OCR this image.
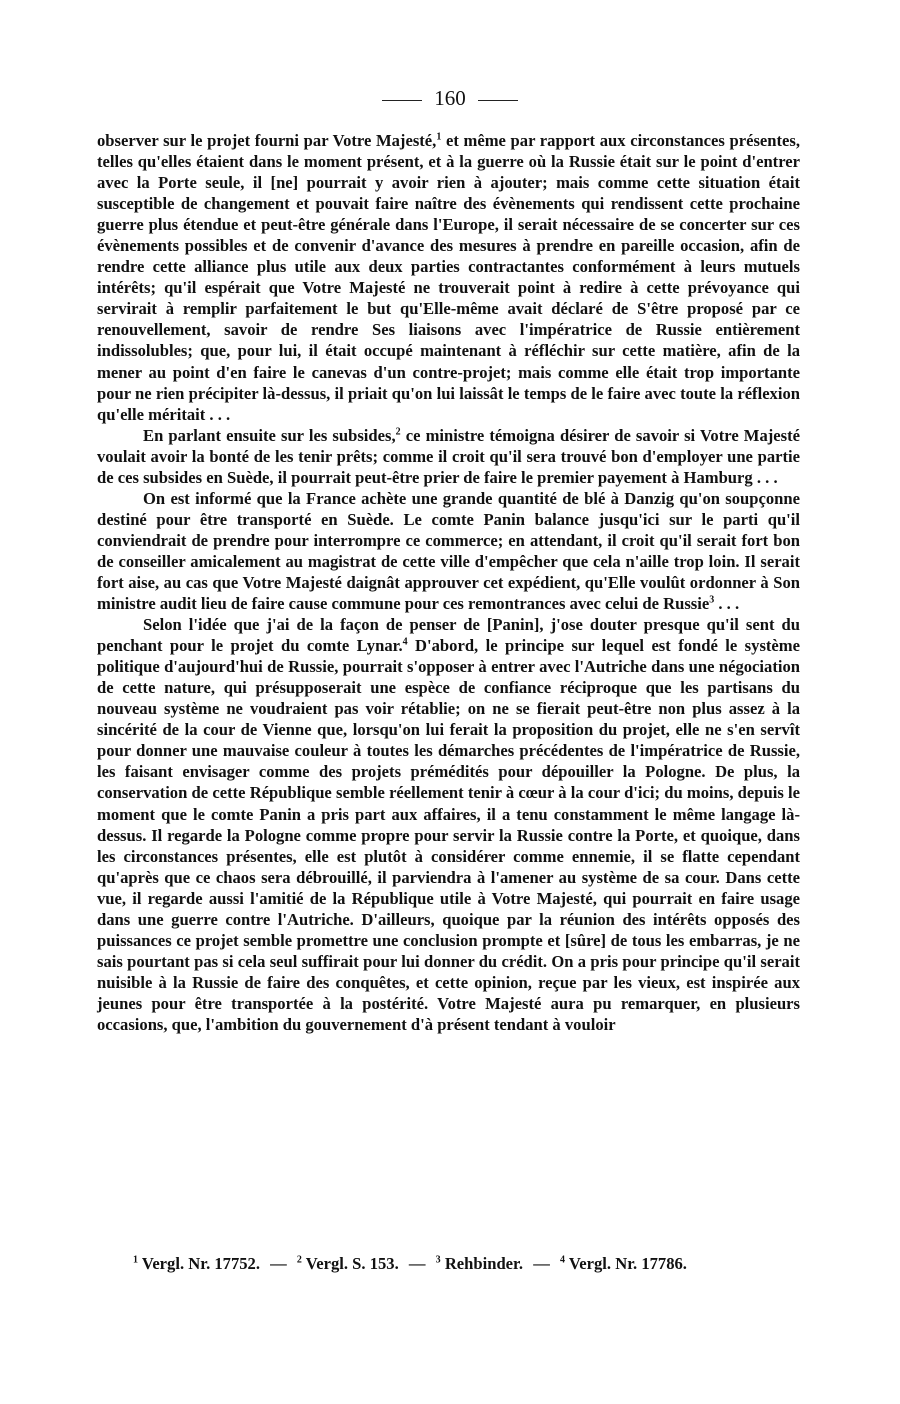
160

observer sur le projet fourni par Votre Majesté,$^1$ et même par rapport aux circonstances présentes, telles qu'elles étaient dans le moment présent, et à la guerre où la Russie était sur le point d'entrer avec la Porte seule, il [ne] pourrait y avoir rien à ajouter; mais comme cette situation était susceptible de changement et pouvait faire naître des évènements qui rendissent cette prochaine guerre plus étendue et peut-être générale dans l'Europe, il serait nécessaire de se concerter sur ces évènements possibles et de convenir d'avance des mesures à prendre en pareille occasion, afin de rendre cette alliance plus utile aux deux parties contractantes conformément à leurs mutuels intérêts; qu'il espérait que Votre Majesté ne trouverait point à redire à cette prévoyance qui servirait à remplir parfaitement le but qu'Elle-même avait déclaré de S'être proposé par ce renouvellement, savoir de rendre Ses liaisons avec l'impératrice de Russie entièrement indissolubles; que, pour lui, il était occupé maintenant à réfléchir sur cette matière, afin de la mener au point d'en faire le canevas d'un contre-projet; mais comme elle était trop importante pour ne rien précipiter là-dessus, il priait qu'on lui laissât le temps de le faire avec toute la réflexion qu'elle méritait . . .

En parlant ensuite sur les subsides,$^2$ ce ministre témoigna désirer de savoir si Votre Majesté voulait avoir la bonté de les tenir prêts; comme il croit qu'il sera trouvé bon d'employer une partie de ces subsides en Suède, il pourrait peut-être prier de faire le premier payement à Hamburg . . .

On est informé que la France achète une grande quantité de blé à Danzig qu'on soupçonne destiné pour être transporté en Suède. Le comte Panin balance jusqu'ici sur le parti qu'il conviendrait de prendre pour interrompre ce commerce; en attendant, il croit qu'il serait fort bon de conseiller amicalement au magistrat de cette ville d'empêcher que cela n'aille trop loin. Il serait fort aise, au cas que Votre Majesté daignât approuver cet expédient, qu'Elle voulût ordonner à Son ministre audit lieu de faire cause commune pour ces remontrances avec celui de Russie$^3$ . . .

Selon l'idée que j'ai de la façon de penser de [Panin], j'ose douter presque qu'il sent du penchant pour le projet du comte Lynar.$^4$ D'abord, le principe sur lequel est fondé le système politique d'aujourd'hui de Russie, pourrait s'opposer à entrer avec l'Autriche dans une négociation de cette nature, qui présupposerait une espèce de confiance réciproque que les partisans du nouveau système ne voudraient pas voir rétablie; on ne se fierait peut-être non plus assez à la sincérité de la cour de Vienne que, lorsqu'on lui ferait la proposition du projet, elle ne s'en servît pour donner une mauvaise couleur à toutes les démarches précédentes de l'impératrice de Russie, les faisant envisager comme des projets prémédités pour dépouiller la Pologne. De plus, la conservation de cette République semble réellement tenir à cœur à la cour d'ici; du moins, depuis le moment que le comte Panin a pris part aux affaires, il a tenu constamment le même langage là-dessus. Il regarde la Pologne comme propre pour servir la Russie contre la Porte, et quoique, dans les circonstances présentes, elle est plutôt à considérer comme ennemie, il se flatte cependant qu'après que ce chaos sera débrouillé, il parviendra à l'amener au système de sa cour. Dans cette vue, il regarde aussi l'amitié de la République utile à Votre Majesté, qui pourrait en faire usage dans une guerre contre l'Autriche. D'ailleurs, quoique par la réunion des intérêts opposés des puissances ce projet semble promettre une conclusion prompte et [sûre] de tous les embarras, je ne sais pourtant pas si cela seul suffirait pour lui donner du crédit. On a pris pour principe qu'il serait nuisible à la Russie de faire des conquêtes, et cette opinion, reçue par les vieux, est inspirée aux jeunes pour être transportée à la postérité. Votre Majesté aura pu remarquer, en plusieurs occasions, que, l'ambition du gouvernement d'à présent tendant à vouloir

$^1$ Vergl. Nr. 17752. — $^2$ Vergl. S. 153. — $^3$ Rehbinder. — $^4$ Vergl. Nr. 17786.
